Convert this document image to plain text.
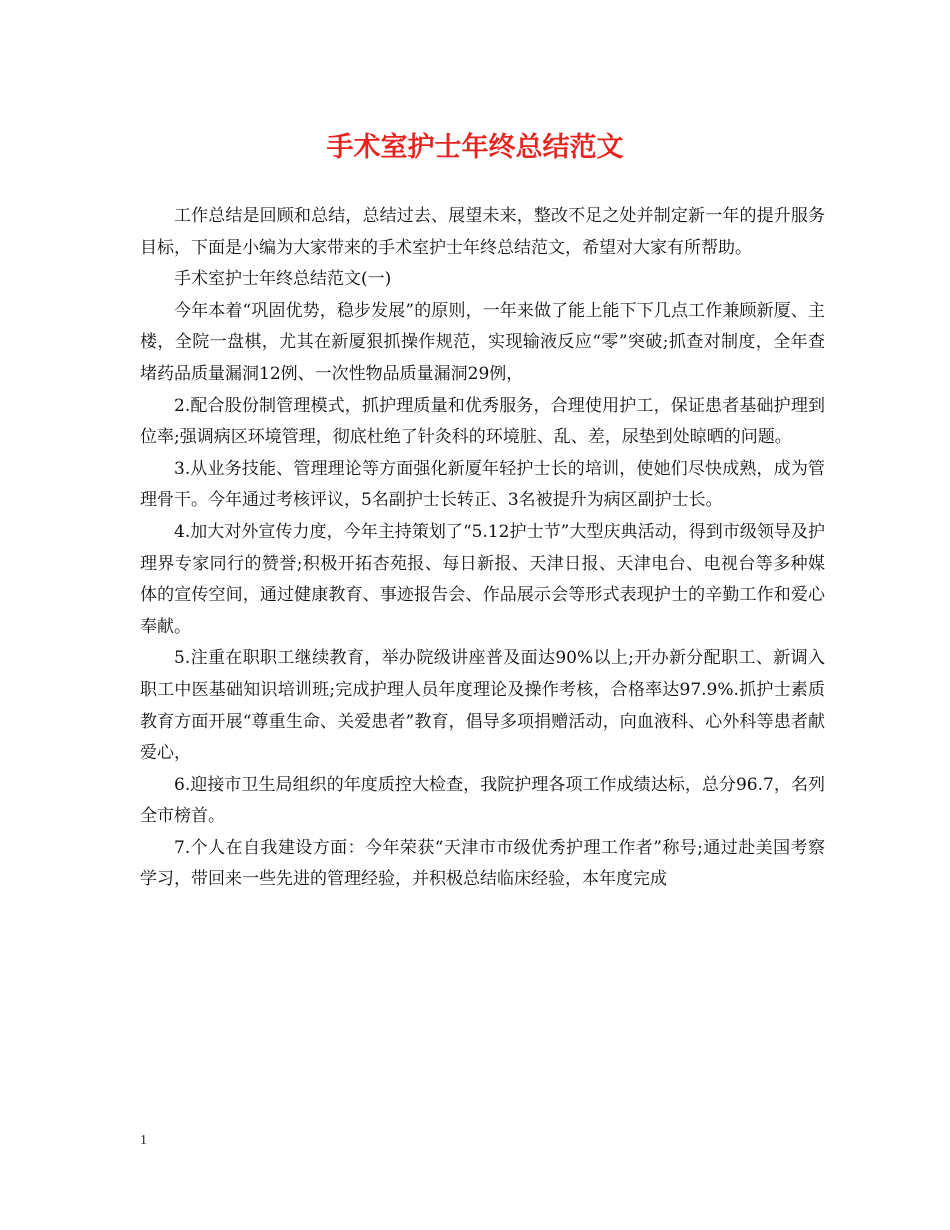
手术室护士年终总结范文

工作总结是回顾和总结，总结过去、展望未来，整改不足之处并制定新一年的提升服务目标，下面是小编为大家带来的手术室护士年终总结范文，希望对大家有所帮助。

手术室护士年终总结范文(一)

今年本着“巩固优势，稳步发展”的原则，一年来做了能上能下下几点工作兼顾新厦、主楼，全院一盘棋，尤其在新厦狠抓操作规范，实现输液反应“零”突破;抓查对制度，全年查堵药品质量漏洞12例、一次性物品质量漏洞29例，

2.配合股份制管理模式，抓护理质量和优秀服务，合理使用护工，保证患者基础护理到位率;强调病区环境管理，彻底杜绝了针灸科的环境脏、乱、差，尿垫到处晾晒的问题。

3.从业务技能、管理理论等方面强化新厦年轻护士长的培训，使她们尽快成熟，成为管理骨干。今年通过考核评议，5名副护士长转正、3名被提升为病区副护士长。

4.加大对外宣传力度，今年主持策划了“5.12护士节”大型庆典活动，得到市级领导及护理界专家同行的赞誉;积极开拓杏苑报、每日新报、天津日报、天津电台、电视台等多种媒体的宣传空间，通过健康教育、事迹报告会、作品展示会等形式表现护士的辛勤工作和爱心奉献。

5.注重在职职工继续教育，举办院级讲座普及面达90%以上;开办新分配职工、新调入职工中医基础知识培训班;完成护理人员年度理论及操作考核，合格率达97.9%.抓护士素质教育方面开展“尊重生命、关爱患者”教育，倡导多项捐赠活动，向血液科、心外科等患者献爱心，

6.迎接市卫生局组织的年度质控大检查，我院护理各项工作成绩达标，总分96.7，名列全市榜首。

7.个人在自我建设方面：今年荣获“天津市市级优秀护理工作者”称号;通过赴美国考察学习，带回来一些先进的管理经验，并积极总结临床经验，本年度完成

1
